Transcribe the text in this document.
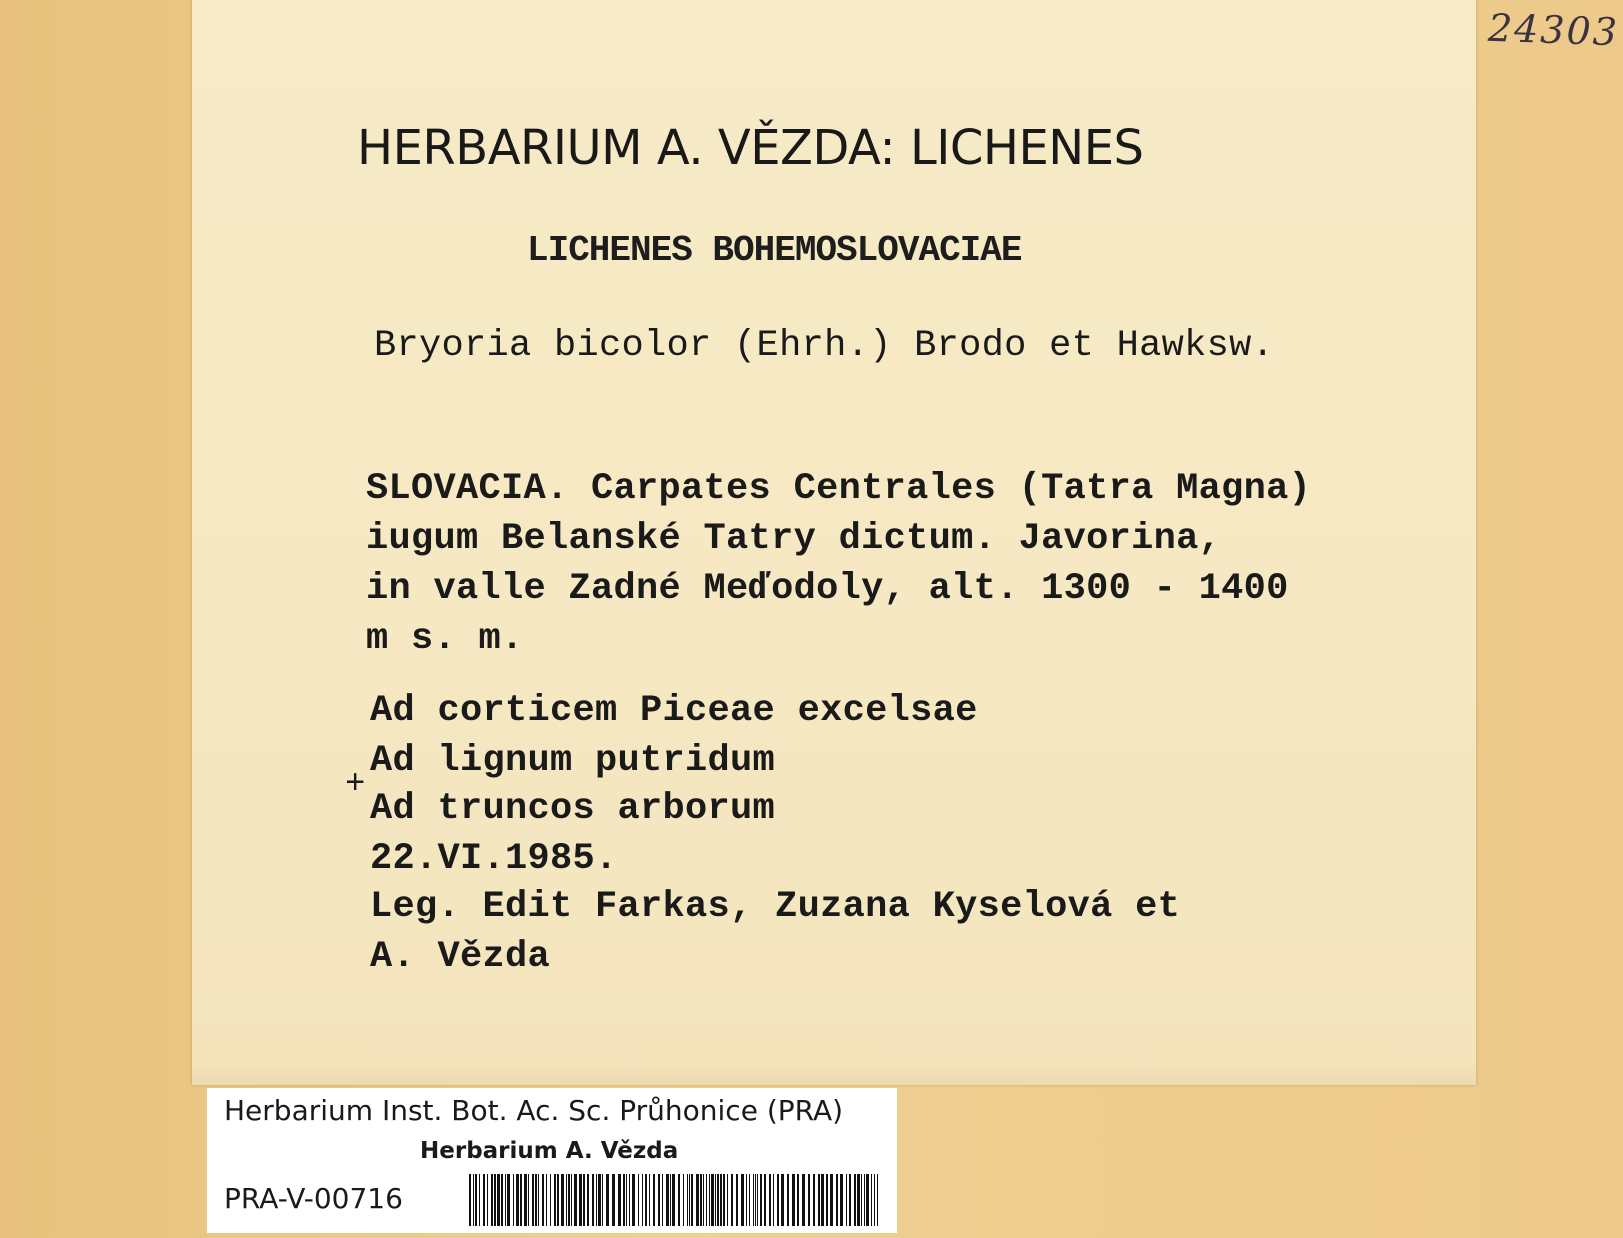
24303
HERBARIUM A. VĚZDA: LICHENES
LICHENES BOHEMOSLOVACIAE
Bryoria bicolor (Ehrh.) Brodo et Hawksw.
SLOVACIA. Carpates Centrales (Tatra Magna)
iugum Belanské Tatry dictum. Javorina,
in valle Zadné Meďodoly, alt. 1300 - 1400
m s. m.
Ad corticem Piceae excelsae
+
Ad lignum putridum
Ad truncos arborum
22.VI.1985.
Leg. Edit Farkas, Zuzana Kyselová et
A. Vězda
Herbarium Inst. Bot. Ac. Sc. Průhonice (PRA)
Herbarium A. Vězda
PRA-V-00716
